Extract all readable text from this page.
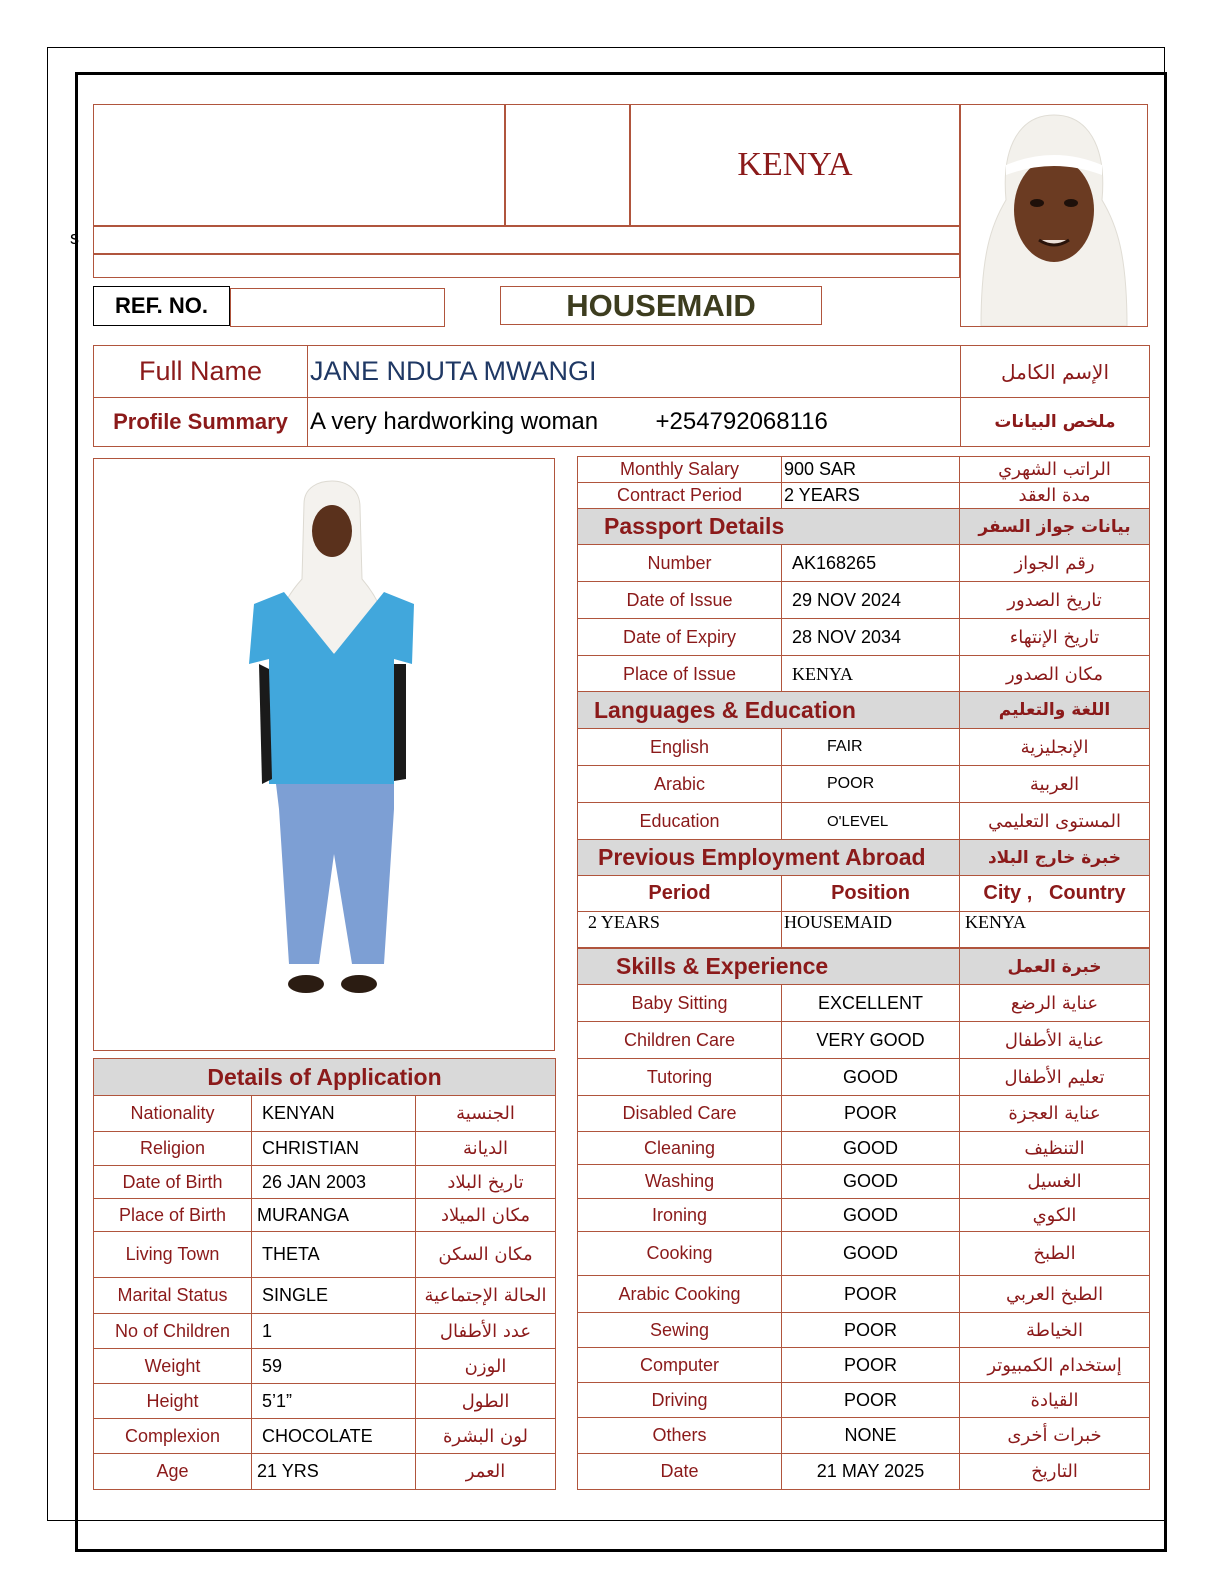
s
KENYA
REF. NO.	HOUSEMAID
Full Name	JANE NDUTA MWANGI	الإسم الكامل
Profile Summary	A very hardworking woman +254792068116	ملخص البيانات
Monthly Salary	900 SAR	الراتب الشهري
Contract Period	2 YEARS	مدة العقد
Passport Details		بيانات جواز السفر
Number	AK168265	رقم الجواز
Date of Issue	29 NOV 2024	تاريخ الصدور
Date of Expiry	28 NOV 2034	تاريخ الإنتهاء
Place of Issue	KENYA	مكان الصدور
Languages & Education		اللغة والتعليم
English	FAIR	الإنجليزية
Arabic	POOR	العربية
Education	O'LEVEL	المستوى التعليمي
Previous Employment Abroad		خبرة خارج البلاد
Period	Position	City ,   Country
2 YEARS	HOUSEMAID	KENYA
Skills & Experience		خبرة العمل
Baby Sitting	EXCELLENT	عناية الرضع
Children Care	VERY GOOD	عناية الأطفال
Tutoring	GOOD	تعليم الأطفال
Disabled Care	POOR	عناية العجزة
Cleaning	GOOD	التنظيف
Washing	GOOD	الغسيل
Ironing	GOOD	الكوي
Cooking	GOOD	الطبخ
Arabic Cooking	POOR	الطبخ العربي
Sewing	POOR	الخياطة
Computer	POOR	إستخدام الكمبيوتر
Driving	POOR	القيادة
Others	NONE	خبرات أخرى
Date	21 MAY 2025	التاريخ
Details of Application		
Nationality	KENYAN	الجنسية
Religion	CHRISTIAN	الديانة
Date of Birth	26 JAN 2003	تاريخ البلاد
Place of Birth	MURANGA	مكان الميلاد
Living Town	THETA	مكان السكن
Marital Status	SINGLE	الحالة الإجتماعية
No of Children	1	عدد الأطفال
Weight	59	الوزن
Height	5’1”	الطول
Complexion	CHOCOLATE	لون البشرة
Age	21 YRS	العمر
